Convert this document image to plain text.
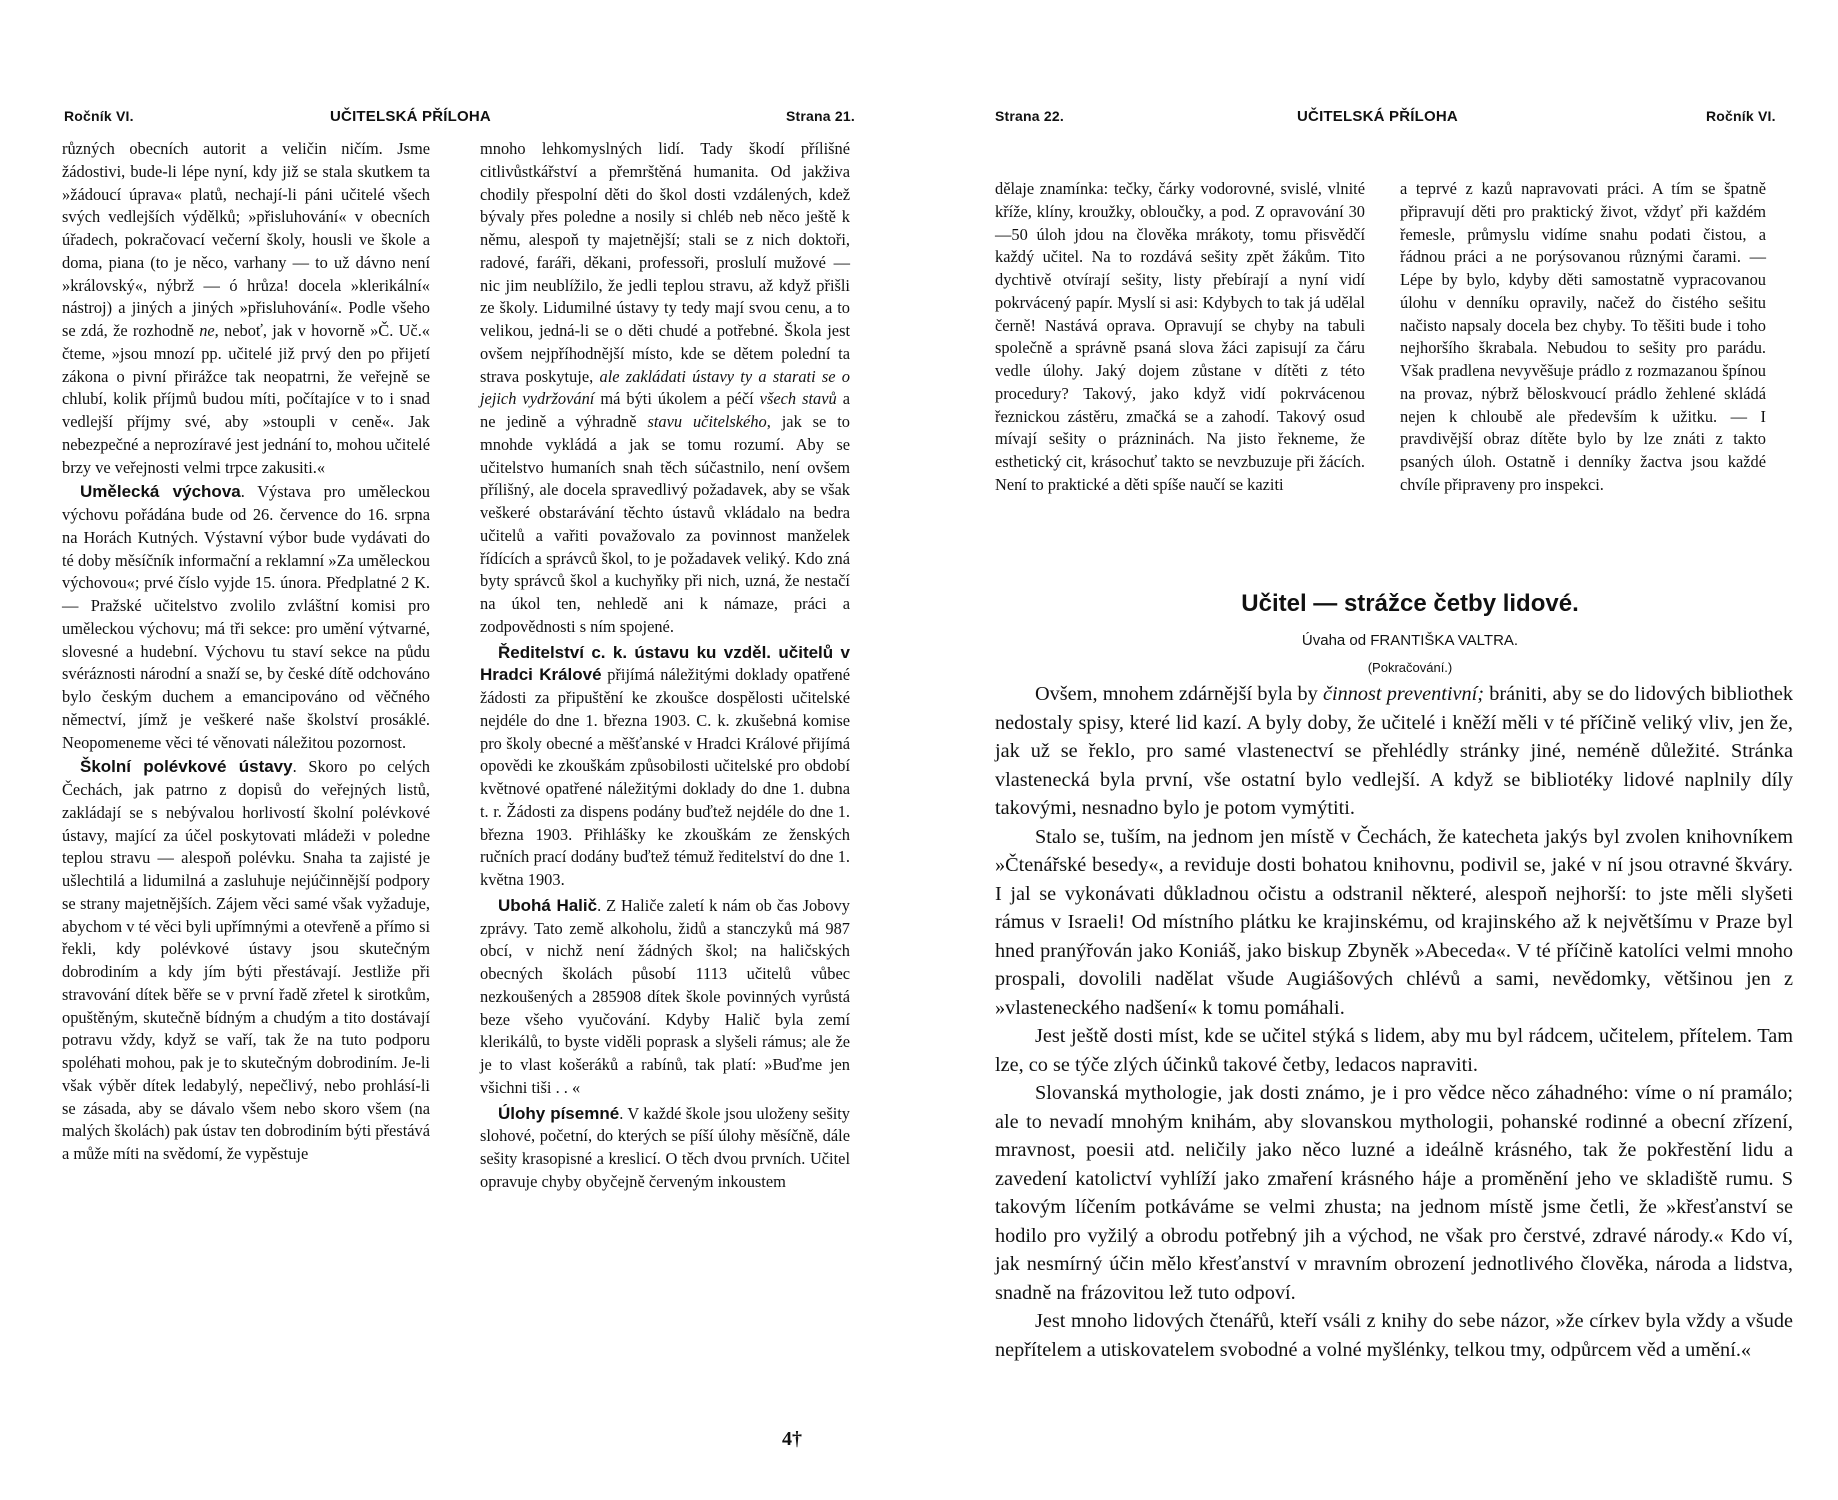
Ročník VI.	UČITELSKÁ PŘÍLOHA	Strana 21.

různých obecních autorit a veličin ničím. Jsme žádostivi, bude-li lépe nyní, kdy již se stala skutkem ta »žádoucí úprava« platů, nechají-li páni učitelé všech svých vedlejších výdělků; »přisluhování« v obecních úřadech, pokračovací večerní školy, housli ve škole a doma, piana (to je něco, varhany — to už dávno není »královský«, nýbrž — ó hrůza! docela »klerikální« nástroj) a jiných a jiných »přisluhování«. Podle všeho se zdá, že rozhodně ne, neboť, jak v hovorně »Č. Uč.« čteme, »jsou mnozí pp. učitelé již prvý den po přijetí zákona o pivní přirážce tak neopatrni, že veřejně se chlubí, kolik příjmů budou míti, počítajíce v to i snad vedlejší příjmy své, aby »stoupli v ceně«. Jak nebezpečné a neprozíravé jest jednání to, mohou učitelé brzy ve veřejnosti velmi trpce zakusiti.«

Umělecká výchova. Výstava pro uměleckou výchovu pořádána bude od 26. července do 16. srpna na Horách Kutných. Výstavní výbor bude vydávati do té doby měsíčník informační a reklamní »Za uměleckou výchovou«; prvé číslo vyjde 15. února. Předplatné 2 K. — Pražské učitelstvo zvolilo zvláštní komisi pro uměleckou výchovu; má tři sekce: pro umění výtvarné, slovesné a hudební. Výchovu tu staví sekce na půdu svéráznosti národní a snaží se, by české dítě odchováno bylo českým duchem a emancipováno od věčného němectví, jímž je veškeré naše školství prosáklé. Neopomeneme věci té věnovati náležitou pozornost.

Školní polévkové ústavy. Skoro po celých Čechách, jak patrno z dopisů do veřejných listů, zakládají se s nebývalou horlivostí školní polévkové ústavy, mající za účel poskytovati mládeži v poledne teplou stravu — alespoň polévku. Snaha ta zajisté je ušlechtilá a lidumilná a zasluhuje nejúčinnější podpory se strany majetnějších. Zájem věci samé však vyžaduje, abychom v té věci byli upřímnými a otevřeně a přímo si řekli, kdy polévkové ústavy jsou skutečným dobrodiním a kdy jím býti přestávají. Jestliže při stravování dítek běře se v první řadě zřetel k sirotkům, opuštěným, skutečně bídným a chudým a tito dostávají potravu vždy, když se vaří, tak že na tuto podporu spoléhati mohou, pak je to skutečným dobrodiním. Je-li však výběr dítek ledabylý, nepečlivý, nebo prohlásí-li se zásada, aby se dávalo všem nebo skoro všem (na malých školách) pak ústav ten dobrodiním býti přestává a může míti na svědomí, že vypěstuje

mnoho lehkomyslných lidí. Tady škodí přílišné citlivůstkářství a přemrštěná humanita. Od jakživa chodily přespolní děti do škol dosti vzdálených, kdež bývaly přes poledne a nosily si chléb neb něco ještě k němu, alespoň ty majetnější; stali se z nich doktoři, radové, faráři, děkani, professoři, proslulí mužové — nic jim neublížilo, že jedli teplou stravu, až když přišli ze školy. Lidumilné ústavy ty tedy mají svou cenu, a to velikou, jedná-li se o děti chudé a potřebné. Škola jest ovšem nejpříhodnější místo, kde se dětem polední ta strava poskytuje, ale zakládati ústavy ty a starati se o jejich vydržování má býti úkolem a péčí všech stavů a ne jedině a výhradně stavu učitelského, jak se to mnohde vykládá a jak se tomu rozumí. Aby se učitelstvo humaních snah těch súčastnilo, není ovšem přílišný, ale docela spravedlivý požadavek, aby se však veškeré obstarávání těchto ústavů vkládalo na bedra učitelů a vařiti považovalo za povinnost manželek řídících a správců škol, to je požadavek veliký. Kdo zná byty správců škol a kuchyňky při nich, uzná, že nestačí na úkol ten, nehledě ani k námaze, práci a zodpovědnosti s ním spojené.

Ředitelství c. k. ústavu ku vzděl. učitelů v Hradci Králové přijímá náležitými doklady opatřené žádosti za připuštění ke zkoušce dospělosti učitelské nejdéle do dne 1. března 1903. C. k. zkušebná komise pro školy obecné a měšťanské v Hradci Králové přijímá opovědi ke zkouškám způsobilosti učitelské pro období květnové opatřené náležitými doklady do dne 1. dubna t. r. Žádosti za dispens podány buďtež nejdéle do dne 1. března 1903. Přihlášky ke zkouškám ze ženských ručních prací dodány buďtež témuž ředitelství do dne 1. května 1903.

Ubohá Halič. Z Haliče zaletí k nám ob čas Jobovy zprávy. Tato země alkoholu, židů a stanczyků má 987 obcí, v nichž není žádných škol; na haličských obecných školách působí 1113 učitelů vůbec nezkoušených a 285908 dítek škole povinných vyrůstá beze všeho vyučování. Kdyby Halič byla zemí klerikálů, to byste viděli poprask a slyšeli rámus; ale že je to vlast košeráků a rabínů, tak platí: »Buďme jen všichni tiši . . «

Úlohy písemné. V každé škole jsou uloženy sešity slohové, početní, do kterých se píší úlohy měsíčně, dále sešity krasopisné a kreslicí. O těch dvou prvních. Učitel opravuje chyby obyčejně červeným inkoustem

4†
Strana 22.	UČITELSKÁ PŘÍLOHA	Ročník VI.

dělaje znamínka: tečky, čárky vodorovné, svislé, vlnité kříže, klíny, kroužky, obloučky, a pod. Z opravování 30—50 úloh jdou na člověka mrákoty, tomu přisvědčí každý učitel. Na to rozdává sešity zpět žákům. Tito dychtivě otvírají sešity, listy přebírají a nyní vidí pokrvácený papír. Myslí si asi: Kdybych to tak já udělal černě! Nastává oprava. Opravují se chyby na tabuli společně a správně psaná slova žáci zapisují za čáru vedle úlohy. Jaký dojem zůstane v dítěti z této procedury? Takový, jako když vidí pokrvácenou řeznickou zástěru, zmačká se a zahodí. Takový osud mívají sešity o prázninách. Na jisto řekneme, že esthetický cit, krásochuť takto se nevzbuzuje při žácích. Není to praktické a děti spíše naučí se kaziti

a teprvé z kazů napravovati práci. A tím se špatně připravují děti pro praktický život, vždyť při každém řemesle, průmyslu vidíme snahu podati čistou, a řádnou práci a ne porýsovanou různými čarami. — Lépe by bylo, kdyby děti samostatně vypracovanou úlohu v denníku opravily, načež do čistého sešitu načisto napsaly docela bez chyby. To těšiti bude i toho nejhoršího škrabala. Nebudou to sešity pro parádu. Však pradlena nevyvěšuje prádlo z rozmazanou špínou na provaz, nýbrž běloskvoucí prádlo žehlené skládá nejen k chloubě ale především k užitku. — I pravdivější obraz dítěte bylo by lze znáti z takto psaných úloh. Ostatně i denníky žactva jsou každé chvíle připraveny pro inspekci.

Učitel — strážce četby lidové.
Úvaha od FRANTIŠKA VALTRA.
(Pokračování.)

Ovšem, mnohem zdárnější byla by činnost preventivní; brániti, aby se do lidových bibliothek nedostaly spisy, které lid kazí. A byly doby, že učitelé i kněží měli v té příčině veliký vliv, jen že, jak už se řeklo, pro samé vlastenectví se přehlédly stránky jiné, neméně důležité. Stránka vlastenecká byla první, vše ostatní bylo vedlejší. A když se bibliotéky lidové naplnily díly takovými, nesnadno bylo je potom vymýtiti.

Stalo se, tuším, na jednom jen místě v Čechách, že katecheta jakýs byl zvolen knihovníkem »Čtenářské besedy«, a reviduje dosti bohatou knihovnu, podivil se, jaké v ní jsou otravné škváry. I jal se vykonávati důkladnou očistu a odstranil některé, alespoň nejhorší: to jste měli slyšeti rámus v Israeli! Od místního plátku ke krajinskému, od krajinského až k největšímu v Praze byl hned pranýřován jako Koniáš, jako biskup Zbyněk »Abeceda«. V té příčině katolíci velmi mnoho prospali, dovolili nadělat všude Augiášových chlévů a sami, nevědomky, většinou jen z »vlasteneckého nadšení« k tomu pomáhali.

Jest ještě dosti míst, kde se učitel stýká s lidem, aby mu byl rádcem, učitelem, přítelem. Tam lze, co se týče zlých účinků takové četby, ledacos napraviti.

Slovanská mythologie, jak dosti známo, je i pro vědce něco záhadného: víme o ní pramálo; ale to nevadí mnohým knihám, aby slovanskou mythologii, pohanské rodinné a obecní zřízení, mravnost, poesii atd. neličily jako něco luzné a ideálně krásného, tak že pokřestění lidu a zavedení katolictví vyhlíží jako zmaření krásného háje a proměnění jeho ve skladiště rumu. S takovým líčením potkáváme se velmi zhusta; na jednom místě jsme četli, že »křesťanství se hodilo pro vyžilý a obrodu potřebný jih a východ, ne však pro čerstvé, zdravé národy.« Kdo ví, jak nesmírný účin mělo křesťanství v mravním obrození jednotlivého člověka, národa a lidstva, snadně na frázovitou lež tuto odpoví.

Jest mnoho lidových čtenářů, kteří vsáli z knihy do sebe názor, »že církev byla vždy a všude nepřítelem a utiskovatelem svobodné a volné myšlénky, telkou tmy, odpůrcem věd a umění.«
